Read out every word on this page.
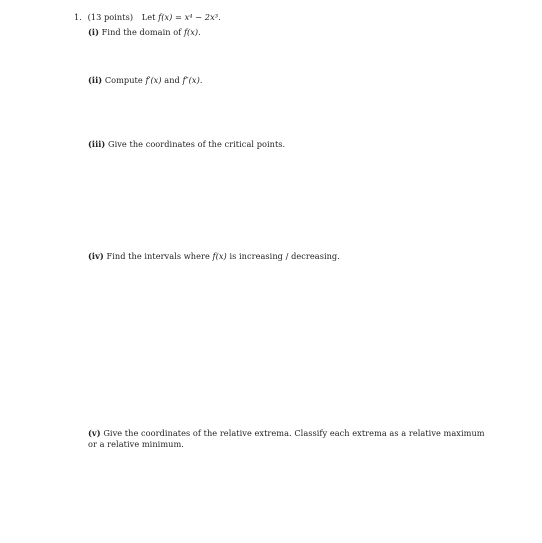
1. (13 points) Let f(x) = x⁴ − 2x³.
(i) Find the domain of f(x).
(ii) Compute f′(x) and f″(x).
(iii) Give the coordinates of the critical points.
(iv) Find the intervals where f(x) is increasing / decreasing.
(v) Give the coordinates of the relative extrema. Classify each extrema as a relative maximum or a relative minimum.
